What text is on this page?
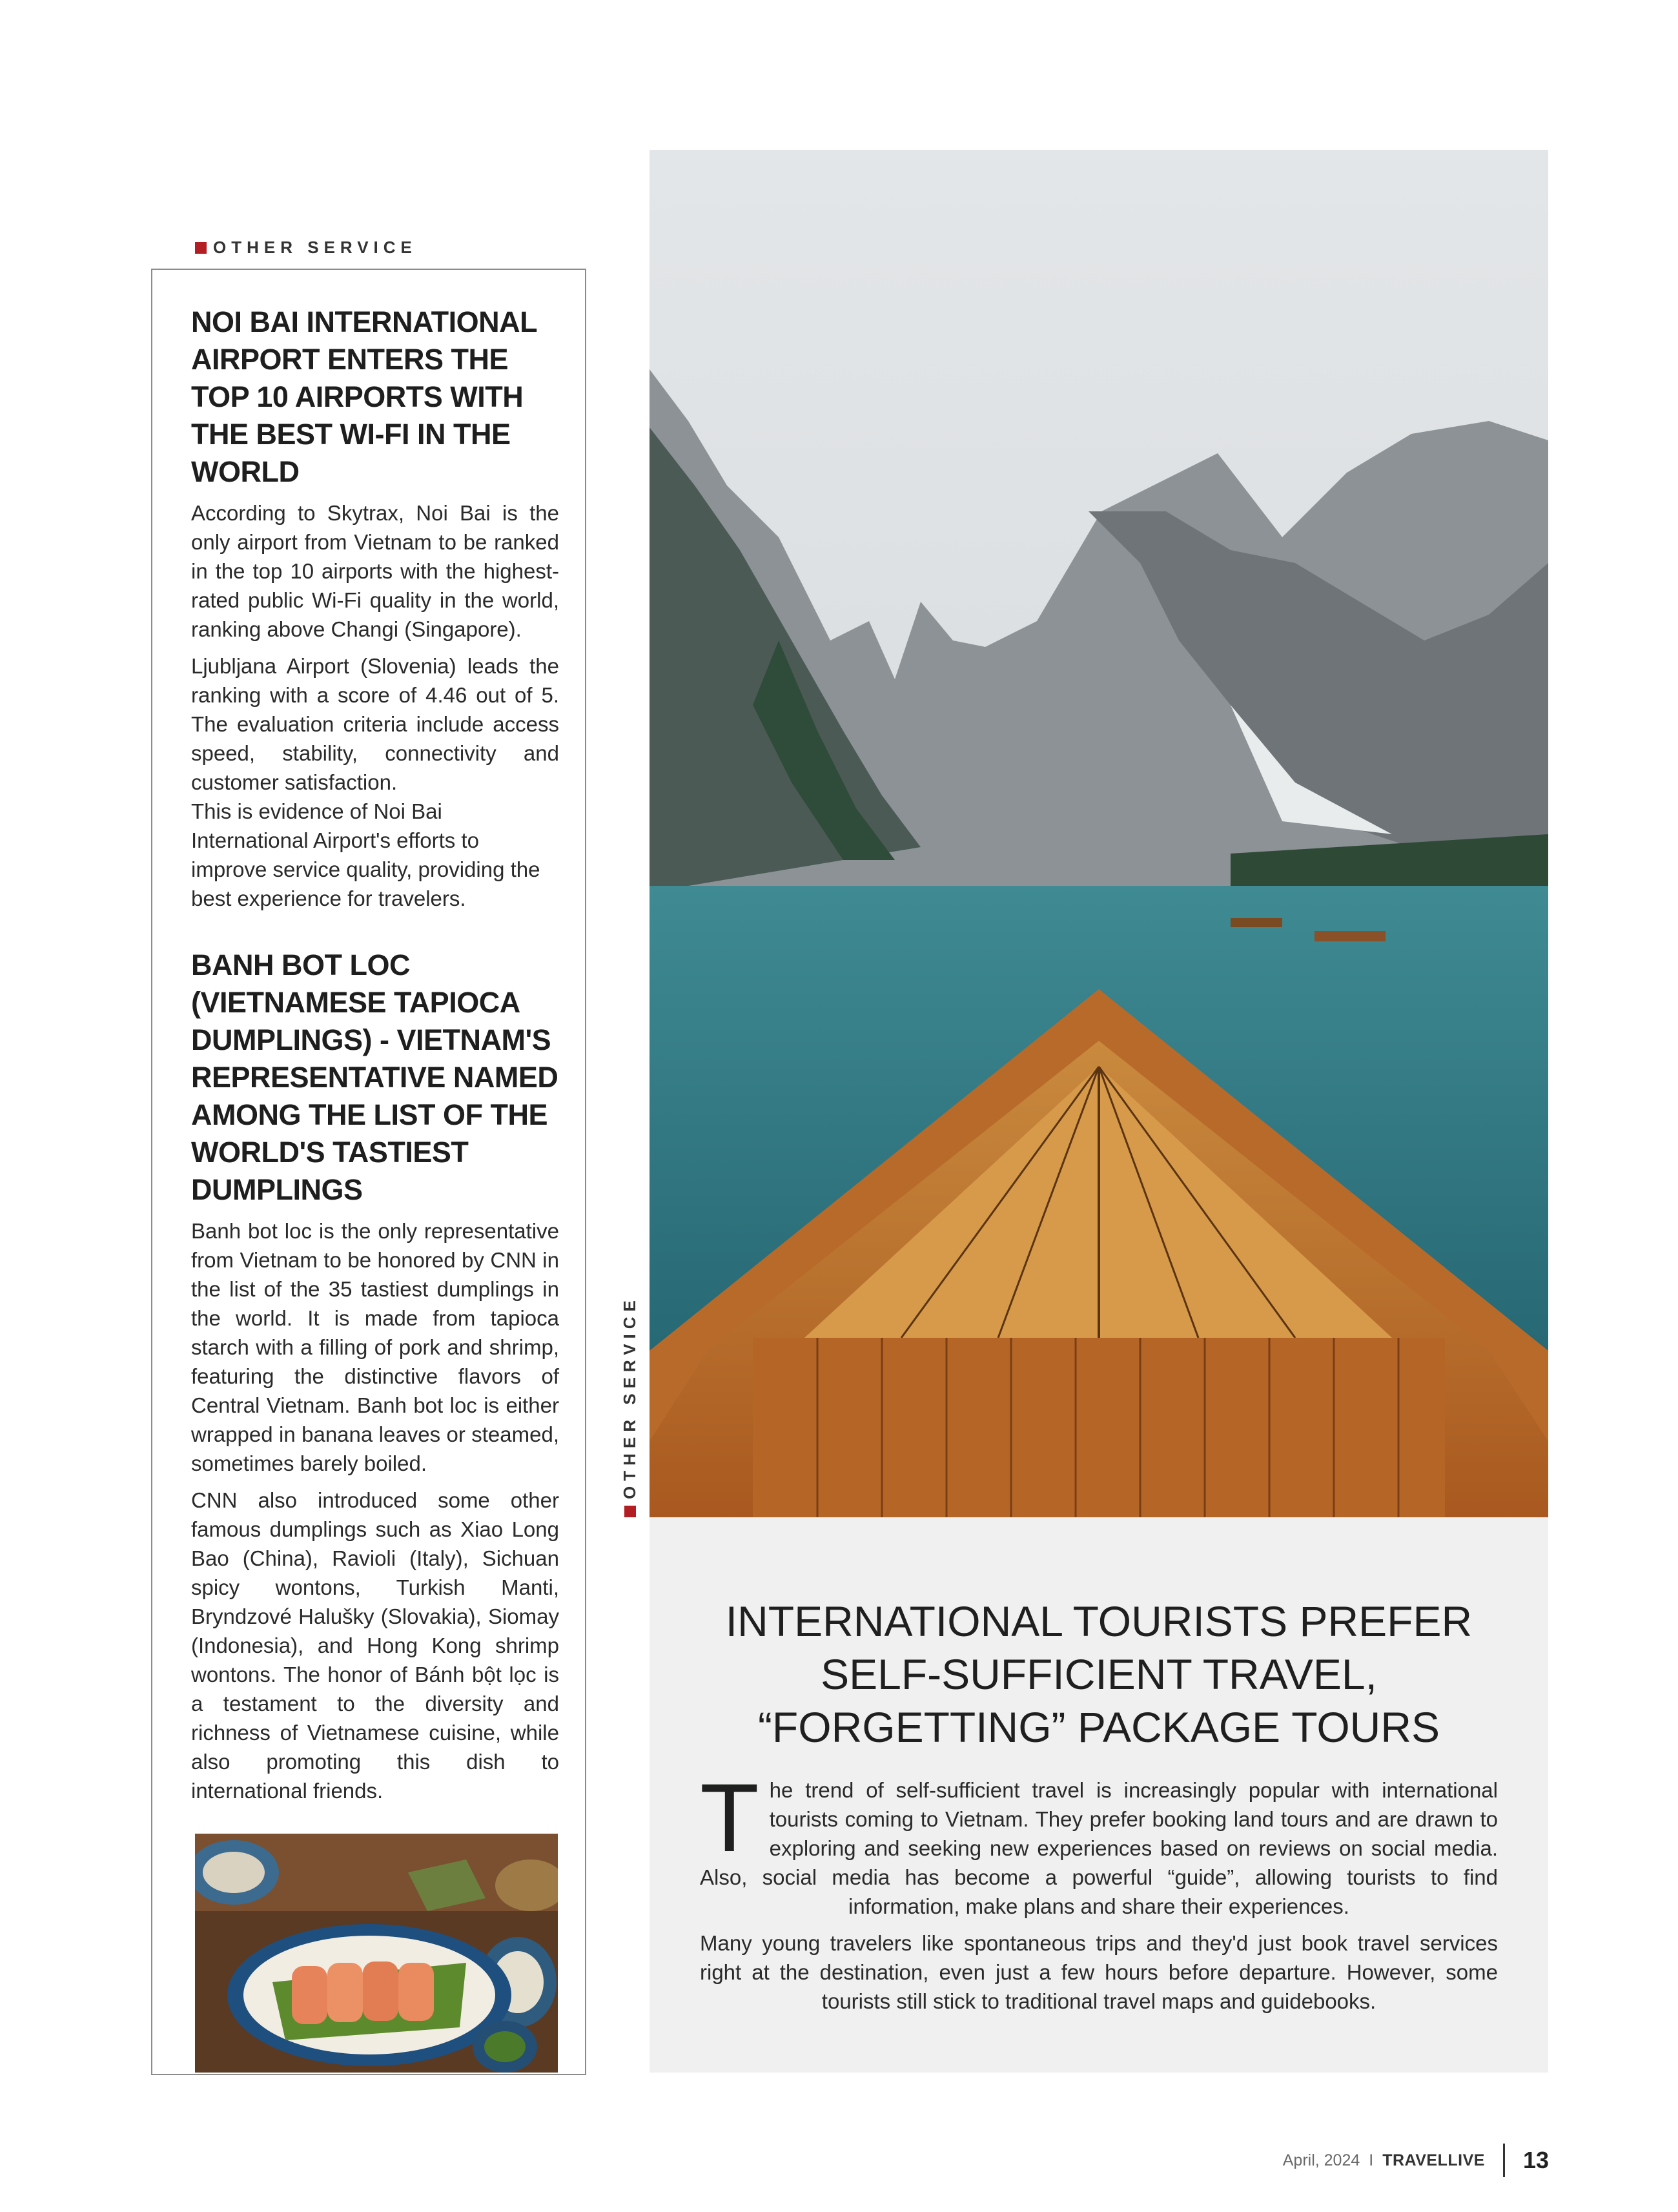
OTHER SERVICE
NOI BAI INTERNATIONAL AIRPORT ENTERS THE TOP 10 AIRPORTS WITH THE BEST WI-FI IN THE WORLD

According to Skytrax, Noi Bai is the only airport from Vietnam to be ranked in the top 10 airports with the highest-rated public Wi-Fi quality in the world, ranking above Changi (Singapore).

Ljubljana Airport (Slovenia) leads the ranking with a score of 4.46 out of 5. The evaluation criteria include access speed, stability, connectivity and customer satisfaction.

This is evidence of Noi Bai International Airport's efforts to improve service quality, providing the best experience for travelers.

BANH BOT LOC (VIETNAMESE TAPIOCA DUMPLINGS) - VIETNAM'S REPRESENTATIVE NAMED AMONG THE LIST OF THE WORLD'S TASTIEST DUMPLINGS

Banh bot loc is the only representative from Vietnam to be honored by CNN in the list of the 35 tastiest dumplings in the world. It is made from tapioca starch with a filling of pork and shrimp, featuring the distinctive flavors of Central Vietnam. Banh bot loc is either wrapped in banana leaves or steamed, sometimes barely boiled.

CNN also introduced some other famous dumplings such as Xiao Long Bao (China), Ravioli (Italy), Sichuan spicy wontons, Turkish Manti, Bryndzové Halušky (Slovakia), Siomay (Indonesia), and Hong Kong shrimp wontons. The honor of Bánh bột lọc is a testament to the diversity and richness of Vietnamese cuisine, while also promoting this dish to international friends.

OTHER SERVICE
INTERNATIONAL TOURISTS PREFER SELF-SUFFICIENT TRAVEL, “FORGETTING” PACKAGE TOURS

The trend of self-sufficient travel is increasingly popular with international tourists coming to Vietnam. They prefer booking land tours and are drawn to exploring and seeking new experiences based on reviews on social media. Also, social media has become a powerful “guide”, allowing tourists to find information, make plans and share their experiences.

Many young travelers like spontaneous trips and they'd just book travel services right at the destination, even just a few hours before departure. However, some tourists still stick to traditional travel maps and guidebooks.

April, 2024 I TRAVELLIVE 13
